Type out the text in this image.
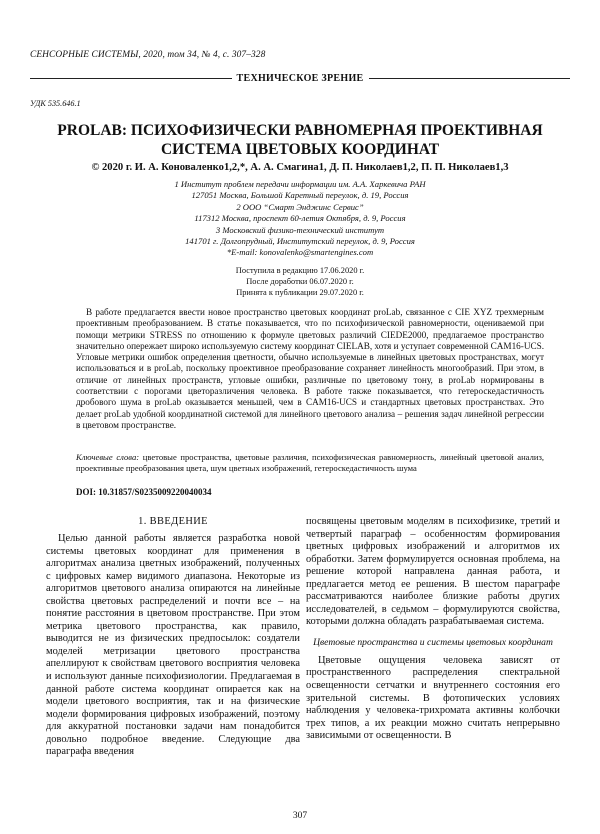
СЕНСОРНЫЕ СИСТЕМЫ, 2020, том 34, № 4, с. 307–328
ТЕХНИЧЕСКОЕ ЗРЕНИЕ
УДК 535.646.1
PROLAB: ПСИХОФИЗИЧЕСКИ РАВНОМЕРНАЯ ПРОЕКТИВНАЯ
СИСТЕМА ЦВЕТОВЫХ КООРДИНАТ
© 2020 г. И. А. Коноваленко1,2,*, А. А. Смагина1, Д. П. Николаев1,2, П. П. Николаев1,3
1 Институт проблем передачи информации им. А.А. Харкевича РАН
127051 Москва, Большой Каретный переулок, д. 19, Россия
2 ООО “Смарт Энджинс Сервис”
117312 Москва, проспект 60-летия Октября, д. 9, Россия
3 Московский физико-технический институт
141701 г. Долгопрудный, Институтский переулок, д. 9, Россия
*E-mail: konovalenko@smartengines.com
Поступила в редакцию 17.06.2020 г.
После доработки 06.07.2020 г.
Принята к публикации 29.07.2020 г.
В работе предлагается ввести новое пространство цветовых координат proLab, связанное с CIE XYZ трехмерным проективным преобразованием. В статье показывается, что по психофизической равномерности, оцениваемой при помощи метрики STRESS по отношению к формуле цветовых различий CIEDE2000, предлагаемое пространство значительно опережает широко используемую систему координат CIELAB, хотя и уступает современной CAM16-UCS. Угловые метрики ошибок определения цветности, обычно используемые в линейных цветовых пространствах, могут использоваться и в proLab, поскольку проективное преобразование сохраняет линейность многообразий. При этом, в отличие от линейных пространств, угловые ошибки, различные по цветовому тону, в proLab нормированы в соответствии с порогами цветоразличения человека. В работе также показывается, что гетероскедастичность дробового шума в proLab оказывается меньшей, чем в CAM16-UCS и стандартных цветовых пространствах. Это делает proLab удобной координатной системой для линейного цветового анализа – решения задач линейной регрессии в цветовом пространстве.
Ключевые слова: цветовые пространства, цветовые различия, психофизическая равномерность, линейный цветовой анализ, проективные преобразования цвета, шум цветных изображений, гетероскедастичность шума
DOI: 10.31857/S0235009220040034
1. ВВЕДЕНИЕ

Целью данной работы является разработка новой системы цветовых координат для применения в алгоритмах анализа цветных изображений, полученных с цифровых камер видимого диапазона. Некоторые из алгоритмов цветового анализа опираются на линейные свойства цветовых распределений и почти все – на понятие расстояния в цветовом пространстве. При этом метрика цветового пространства, как правило, выводится не из физических предпосылок: создатели моделей метризации цветового пространства апеллируют к свойствам цветового восприятия человека и используют данные психофизиологии. Предлагаемая в данной работе система координат опирается как на модели цветового восприятия, так и на физические модели формирования цифровых изображений, поэтому для аккуратной постановки задачи нам понадобится довольно подробное введение. Следующие два параграфа введения

посвящены цветовым моделям в психофизике, третий и четвертый параграф – особенностям формирования цветных цифровых изображений и алгоритмов их обработки. Затем формулируется основная проблема, на решение которой направлена данная работа, и предлагается метод ее решения. В шестом параграфе рассматриваются наиболее близкие работы других исследователей, в седьмом – формулируются свойства, которыми должна обладать разрабатываемая система.

Цветовые пространства и системы цветовых координат

Цветовые ощущения человека зависят от пространственного распределения спектральной освещенности сетчатки и внутреннего состояния его зрительной системы. В фотопических условиях наблюдения у человека-трихромата активны колбочки трех типов, а их реакции можно считать непрерывно зависимыми от освещенности. В

307
